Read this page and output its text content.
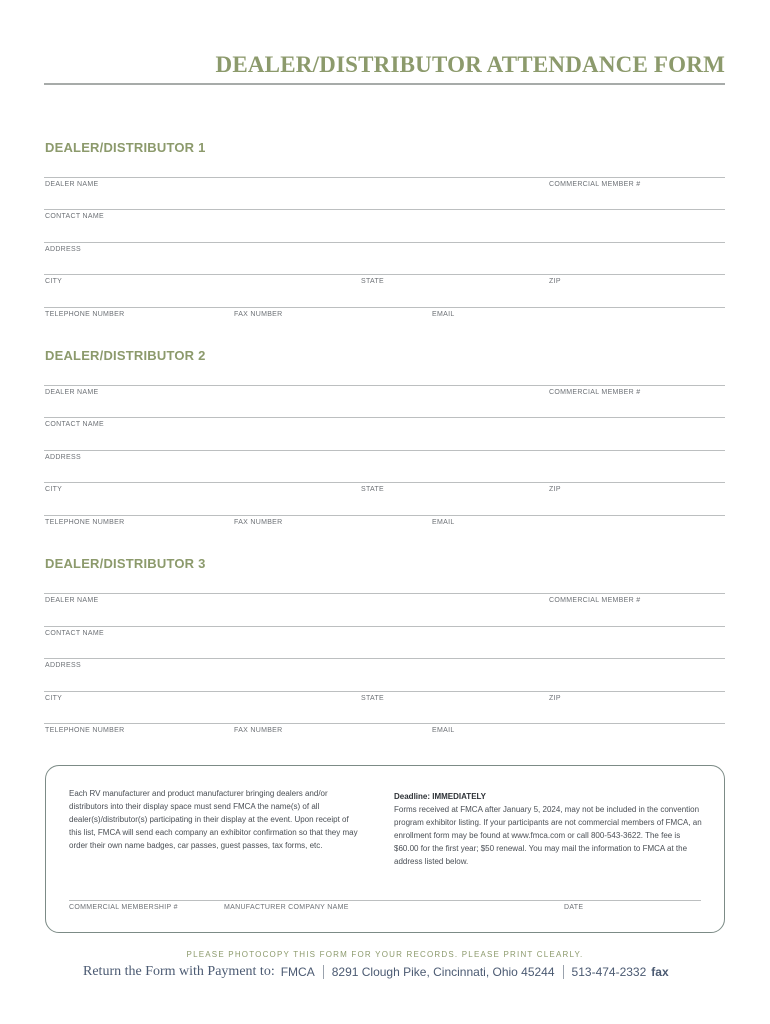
DEALER/DISTRIBUTOR ATTENDANCE FORM
DEALER/DISTRIBUTOR 1
DEALER NAME	COMMERCIAL MEMBER #
CONTACT NAME
ADDRESS
CITY	STATE	ZIP
TELEPHONE NUMBER	FAX NUMBER	EMAIL
DEALER/DISTRIBUTOR 2
DEALER NAME	COMMERCIAL MEMBER #
CONTACT NAME
ADDRESS
CITY	STATE	ZIP
TELEPHONE NUMBER	FAX NUMBER	EMAIL
DEALER/DISTRIBUTOR 3
DEALER NAME	COMMERCIAL MEMBER #
CONTACT NAME
ADDRESS
CITY	STATE	ZIP
TELEPHONE NUMBER	FAX NUMBER	EMAIL
Each RV manufacturer and product manufacturer bringing dealers and/or distributors into their display space must send FMCA the name(s) of all dealer(s)/distributor(s) participating in their display at the event. Upon receipt of this list, FMCA will send each company an exhibitor confirmation so that they may order their own name badges, car passes, guest passes, tax forms, etc.
Deadline: IMMEDIATELY
Forms received at FMCA after January 5, 2024, may not be included in the convention program exhibitor listing. If your participants are not commercial members of FMCA, an enrollment form may be found at www.fmca.com or call 800-543-3622. The fee is $60.00 for the first year; $50 renewal. You may mail the information to FMCA at the address listed below.
COMMERCIAL MEMBERSHIP #	MANUFACTURER COMPANY NAME	DATE
PLEASE PHOTOCOPY THIS FORM FOR YOUR RECORDS. PLEASE PRINT CLEARLY.
Return the Form with Payment to: FMCA 8291 Clough Pike, Cincinnati, Ohio 45244 513-474-2332 fax
